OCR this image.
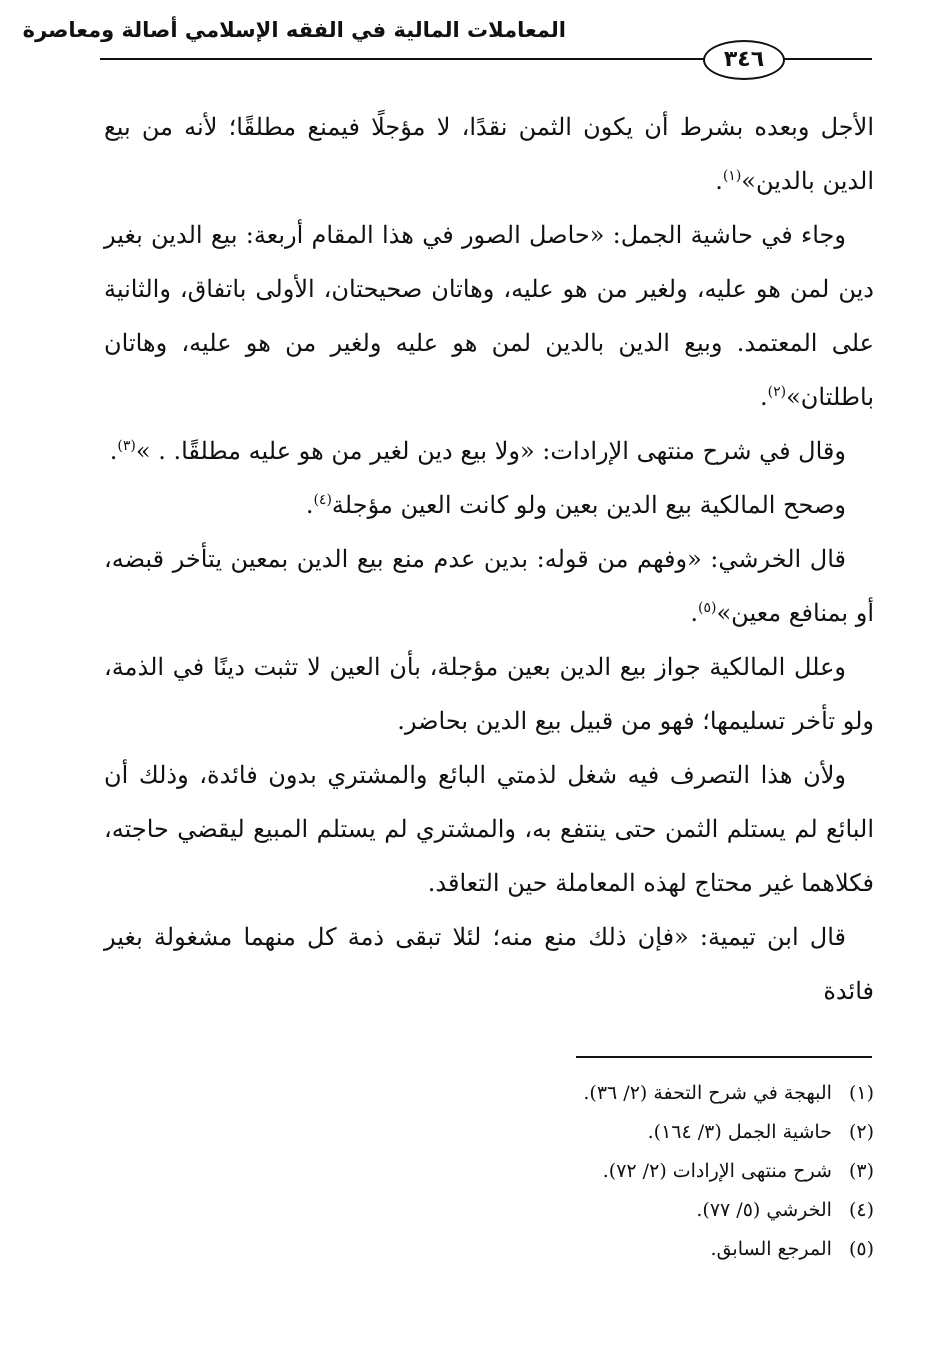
المعاملات المالية في الفقه الإسلامي أصالة ومعاصرة
٣٤٦

الأجل وبعده بشرط أن يكون الثمن نقدًا، لا مؤجلًا فيمنع مطلقًا؛ لأنه من بيع الدين بالدين»$^{(١)}$.

وجاء في حاشية الجمل: «حاصل الصور في هذا المقام أربعة: بيع الدين بغير دين لمن هو عليه، ولغير من هو عليه، وهاتان صحيحتان، الأولى باتفاق، والثانية على المعتمد. وبيع الدين بالدين لمن هو عليه ولغير من هو عليه، وهاتان باطلتان»$^{(٢)}$.

وقال في شرح منتهى الإرادات: «ولا بيع دين لغير من هو عليه مطلقًا. . »$^{(٣)}$.

وصحح المالكية بيع الدين بعين ولو كانت العين مؤجلة$^{(٤)}$.

قال الخرشي: «وفهم من قوله: بدين عدم منع بيع الدين بمعين يتأخر قبضه، أو بمنافع معين»$^{(٥)}$.

وعلل المالكية جواز بيع الدين بعين مؤجلة، بأن العين لا تثبت دينًا في الذمة، ولو تأخر تسليمها؛ فهو من قبيل بيع الدين بحاضر.

ولأن هذا التصرف فيه شغل لذمتي البائع والمشتري بدون فائدة، وذلك أن البائع لم يستلم الثمن حتى ينتفع به، والمشتري لم يستلم المبيع ليقضي حاجته، فكلاهما غير محتاج لهذه المعاملة حين التعاقد.

قال ابن تيمية: «فإن ذلك منع منه؛ لئلا تبقى ذمة كل منهما مشغولة بغير فائدة

(١) البهجة في شرح التحفة (٢/ ٣٦).
(٢) حاشية الجمل (٣/ ١٦٤).
(٣) شرح منتهى الإرادات (٢/ ٧٢).
(٤) الخرشي (٥/ ٧٧).
(٥) المرجع السابق.
